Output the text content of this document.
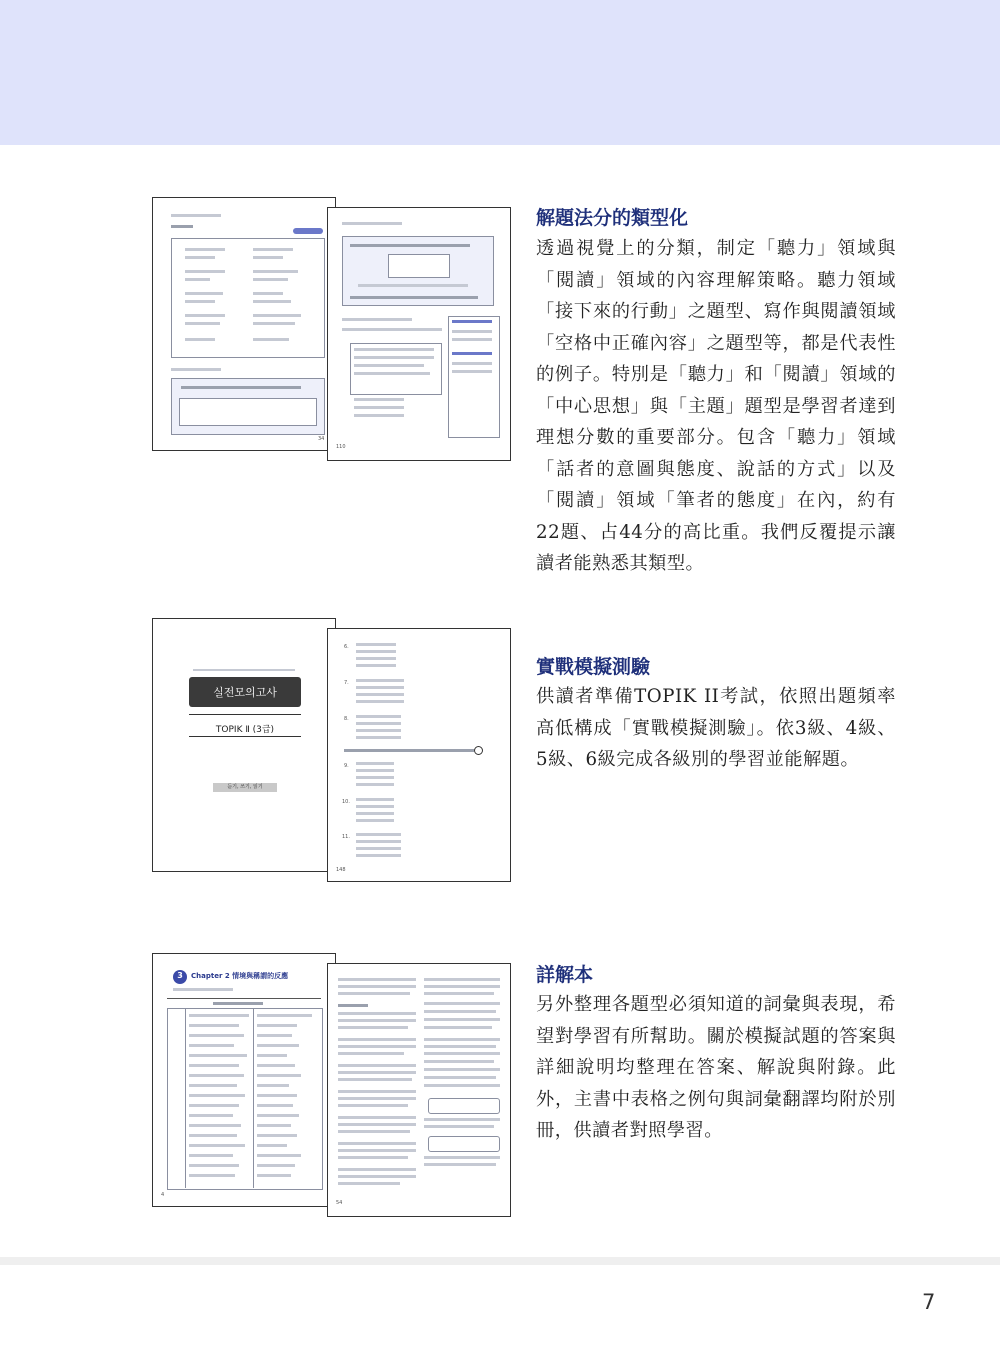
34
110
실전모의고사
TOPIK Ⅱ (3급)
듣기, 쓰기, 읽기
6.
7.
8.
9.
10.
11.
148
3	Chapter 2 情境與稱謂的反應
4
54
解題法分的類型化
透過視覺上的分類，制定「聽力」領域與「閱讀」領域的內容理解策略。聽力領域「接下來的行動」之題型、寫作與閱讀領域「空格中正確內容」之題型等，都是代表性的例子。特別是「聽力」和「閱讀」領域的「中心思想」與「主題」題型是學習者達到理想分數的重要部分。包含「聽力」領域「話者的意圖與態度、說話的方式」以及「閱讀」領域「筆者的態度」在內，約有22題、占44分的高比重。我們反覆提示讓讀者能熟悉其類型。
實戰模擬測驗
供讀者準備TOPIK II考試，依照出題頻率高低構成「實戰模擬測驗」。依3級、4級、5級、6級完成各級別的學習並能解題。
詳解本
另外整理各題型必須知道的詞彙與表現，希望對學習有所幫助。關於模擬試題的答案與詳細說明均整理在答案、解說與附錄。此外，主書中表格之例句與詞彙翻譯均附於別冊，供讀者對照學習。
7
